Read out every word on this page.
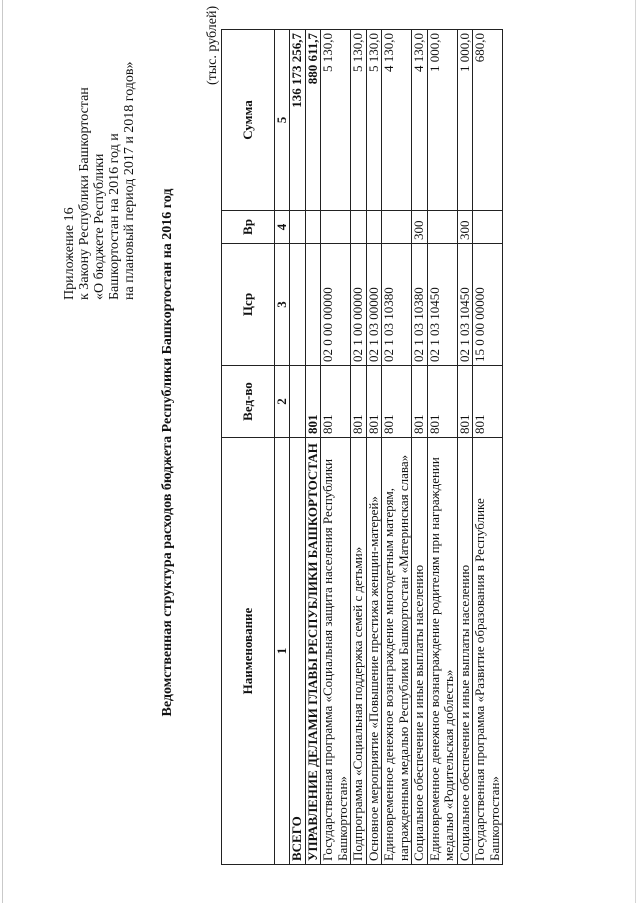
Приложение 16 к Закону Республики Башкортостан «О бюджете Республики Башкортостан на 2016 год и на плановый период 2017 и 2018 годов»
Ведомственная структура расходов бюджета Республики Башкортостан на 2016 год
(тыс. рублей)
Наименование	Вед-во	Цср	Вр	Сумма
1	2	3	4	5
ВСЕГО				136 173 256,7
УПРАВЛЕНИЕ ДЕЛАМИ ГЛАВЫ РЕСПУБЛИКИ БАШКОРТОСТАН	801			880 611,7
Государственная программа «Социальная защита населения Республики Башкортостан»	801	02 0 00 00000		5 130,0
Подпрограмма «Социальная поддержка семей с детьми»	801	02 1 00 00000		5 130,0
Основное мероприятие «Повышение престижа женщин-матерей»	801	02 1 03 00000		5 130,0
Единовременное денежное вознаграждение многодетным матерям, награжденным медалью Республики Башкортостан «Материнская слава»	801	02 1 03 10380		4 130,0
Социальное обеспечение и иные выплаты населению	801	02 1 03 10380	300	4 130,0
Единовременное денежное вознаграждение родителям при награждении медалью «Родительская доблесть»	801	02 1 03 10450		1 000,0
Социальное обеспечение и иные выплаты населению	801	02 1 03 10450	300	1 000,0
Государственная программа «Развитие образования в Республике Башкортостан»	801	15 0 00 00000		680,0
